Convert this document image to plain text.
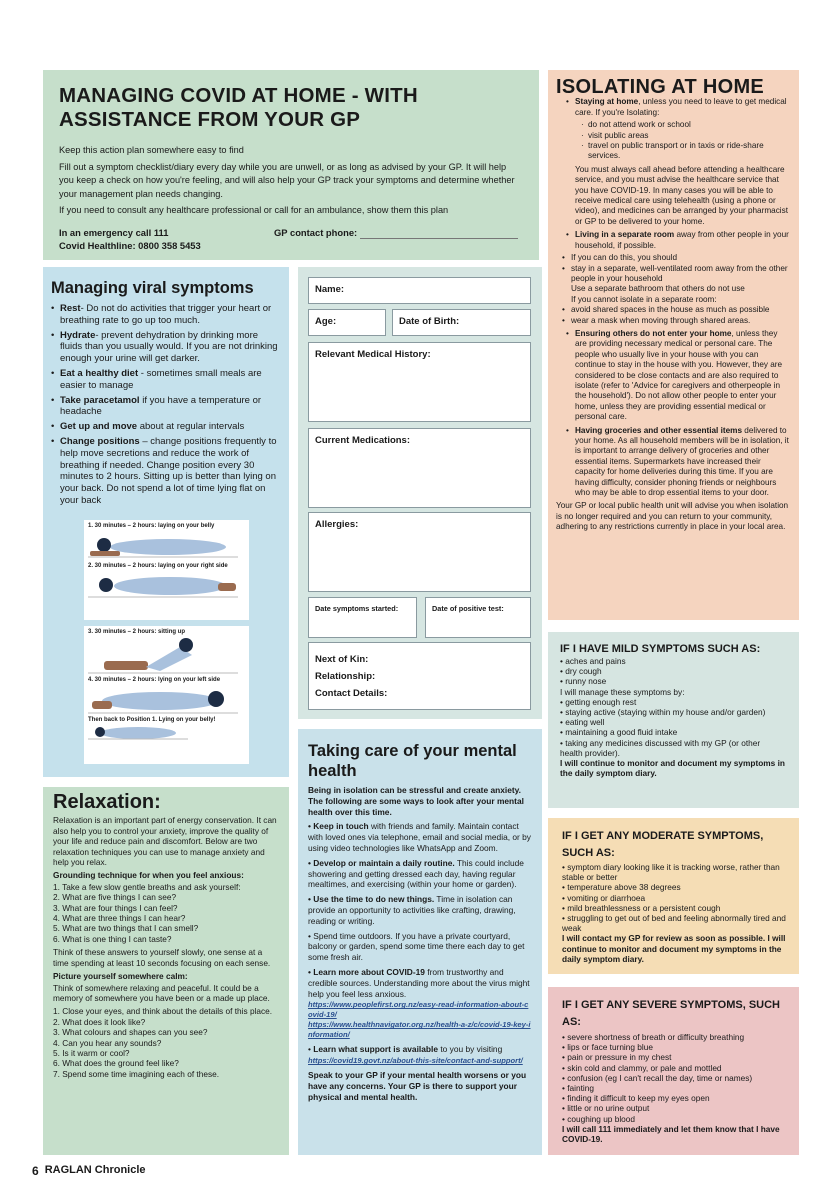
MANAGING COVID AT HOME - WITH ASSISTANCE FROM YOUR GP

Keep this action plan somewhere easy to find

Fill out a symptom checklist/diary every day while you are unwell, or as long as advised by your GP. It will help you keep a check on how you're feeling, and will also help your GP track your symptoms and determine whether your management plan needs changing.

If you need to consult any healthcare professional or call for an ambulance, show them this plan

In an emergency call 111
Covid Healthline: 0800 358 5453
GP contact phone:
ISOLATING AT HOME
• Staying at home, unless you need to leave to get medical care. If you're Isolating:
· do not attend work or school
· visit public areas
· travel on public transport or in taxis or ride-share services.
You must always call ahead before attending a healthcare service, and you must advise the healthcare service that you have COVID-19. In many cases you will be able to receive medical care using telehealth (using a phone or video), and medicines can be arranged by your pharmacist or GP to be delivered to your home.
• Living in a separate room away from other people in your household, if possible.
• If you can do this, you should
• stay in a separate, well-ventilated room away from the other people in your household
Use a separate bathroom that others do not use
If you cannot isolate in a separate room:
• avoid shared spaces in the house as much as possible
• wear a mask when moving through shared areas.
• Ensuring others do not enter your home, unless they are providing necessary medical or personal care. The people who usually live in your house with you can continue to stay in the house with you. However, they are considered to be close contacts and are also required to isolate (refer to 'Advice for caregivers and otherpeople in the household'). Do not allow other people to enter your home, unless they are providing essential medical or personal care.
• Having groceries and other essential items delivered to your home. As all household members will be in isolation, it is important to arrange delivery of groceries and other essential items. Supermarkets have increased their capacity for home deliveries during this time. If you are having difficulty, consider phoning friends or neighbours who may be able to drop essential items to your door.
Your GP or local public health unit will advise you when isolation is no longer required and you can return to your community, adhering to any restrictions currently in place in your local area.
Managing viral symptoms
• Rest- Do not do activities that trigger your heart or breathing rate to go up too much.
• Hydrate- prevent dehydration by drinking more fluids than you usually would. If you are not drinking enough your urine will get darker.
• Eat a healthy diet - sometimes small meals are easier to manage
• Take paracetamol if you have a temperature or headache
• Get up and move about at regular intervals
• Change positions – change positions frequently to help move secretions and reduce the work of breathing if needed. Change position every 30 minutes to 2 hours. Sitting up is better than lying on your back. Do not spend a lot of time lying flat on your back
1. 30 minutes – 2 hours: laying on your belly
2. 30 minutes – 2 hours: laying on your right side
3. 30 minutes – 2 hours: sitting up
4. 30 minutes – 2 hours: lying on your left side
Then back to Position 1. Lying on your belly!
Name:
Age:	Date of Birth:
Relevant Medical History:
Current Medications:
Allergies:
Date symptoms started:	Date of positive test:
Next of Kin:
Relationship:
Contact Details:
Taking care of your mental health

Being in isolation can be stressful and create anxiety. The following are some ways to look after your mental health over this time.

• Keep in touch with friends and family. Maintain contact with loved ones via telephone, email and social media, or by using video technologies like WhatsApp and Zoom.

• Develop or maintain a daily routine. This could include showering and getting dressed each day, having regular mealtimes, and exercising (within your home or garden).

• Use the time to do new things. Time in isolation can provide an opportunity to activities like crafting, drawing, reading or writing.

• Spend time outdoors. If you have a private courtyard, balcony or garden, spend some time there each day to get some fresh air.

• Learn more about COVID-19 from trustworthy and credible sources. Understanding more about the virus might help you feel less anxious.

https://www.peoplefirst.org.nz/easy-read-information-about-covid-19/
https://www.healthnavigator.org.nz/health-a-z/c/covid-19-key-information/

• Learn what support is available to you by visiting

https://covid19.govt.nz/about-this-site/contact-and-support/

Speak to your GP if your mental health worsens or you have any concerns. Your GP is there to support your physical and mental health.

Relaxation:

Relaxation is an important part of energy conservation. It can also help you to control your anxiety, improve the quality of your life and reduce pain and discomfort. Below are two relaxation techniques you can use to manage anxiety and help you relax.

Grounding technique for when you feel anxious:

1. Take a few slow gentle breaths and ask yourself:
2. What are five things I can see?
3. What are four things I can feel?
4. What are three things I can hear?
5. What are two things that I can smell?
6. What is one thing I can taste?

Think of these answers to yourself slowly, one sense at a time spending at least 10 seconds focusing on each sense.

Picture yourself somewhere calm:

Think of somewhere relaxing and peaceful. It could be a memory of somewhere you have been or a made up place.

1. Close your eyes, and think about the details of this place.
2. What does it look like?
3. What colours and shapes can you see?
4. Can you hear any sounds?
5. Is it warm or cool?
6. What does the ground feel like?
7. Spend some time imagining each of these.
IF I HAVE MILD SYMPTOMS SUCH AS:
• aches and pains
• dry cough
• runny nose
I will manage these symptoms by:
• getting enough rest
• staying active (staying within my house and/or garden)
• eating well
• maintaining a good fluid intake
• taking any medicines discussed with my GP (or other health provider).
I will continue to monitor and document my symptoms in the daily symptom diary.
IF I GET ANY MODERATE SYMPTOMS, SUCH AS:
• symptom diary looking like it is tracking worse, rather than stable or better
• temperature above 38 degrees
• vomiting or diarrhoea
• mild breathlessness or a persistent cough
• struggling to get out of bed and feeling abnormally tired and weak
I will contact my GP for review as soon as possible. I will continue to monitor and document my symptoms in the daily symptom diary.
IF I GET ANY SEVERE SYMPTOMS, SUCH AS:
• severe shortness of breath or difficulty breathing
• lips or face turning blue
• pain or pressure in my chest
• skin cold and clammy, or pale and mottled
• confusion (eg I can't recall the day, time or names)
• fainting
• finding it difficult to keep my eyes open
• little or no urine output
• coughing up blood
I will call 111 immediately and let them know that I have COVID-19.
6 RAGLAN Chronicle
